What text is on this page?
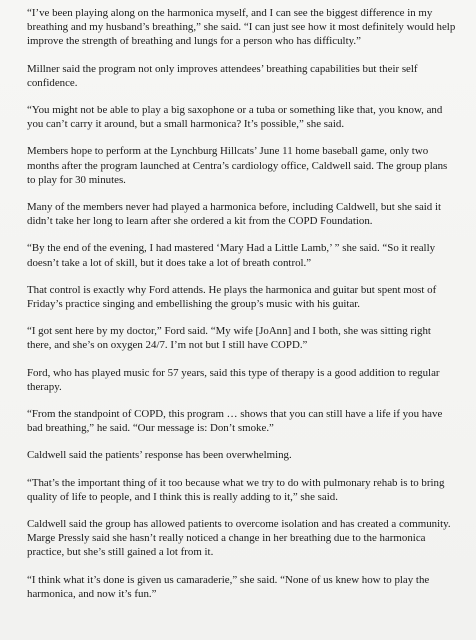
“I’ve been playing along on the harmonica myself, and I can see the biggest difference in my breathing and my husband’s breathing,” she said. “I can just see how it most definitely would help improve the strength of breathing and lungs for a person who has difficulty.”

Millner said the program not only improves attendees’ breathing capabilities but their self confidence.

“You might not be able to play a big saxophone or a tuba or something like that, you know, and you can’t carry it around, but a small harmonica? It’s possible,” she said.

Members hope to perform at the Lynchburg Hillcats’ June 11 home baseball game, only two months after the program launched at Centra’s cardiology office, Caldwell said. The group plans to play for 30 minutes.

Many of the members never had played a harmonica before, including Caldwell, but she said it didn’t take her long to learn after she ordered a kit from the COPD Foundation.

“By the end of the evening, I had mastered ‘Mary Had a Little Lamb,’ ” she said. “So it really doesn’t take a lot of skill, but it does take a lot of breath control.”

That control is exactly why Ford attends. He plays the harmonica and guitar but spent most of Friday’s practice singing and embellishing the group’s music with his guitar.

“I got sent here by my doctor,” Ford said. “My wife [JoAnn] and I both, she was sitting right there, and she’s on oxygen 24/7. I’m not but I still have COPD.”

Ford, who has played music for 57 years, said this type of therapy is a good addition to regular therapy.

“From the standpoint of COPD, this program … shows that you can still have a life if you have bad breathing,” he said. “Our message is: Don’t smoke.”

Caldwell said the patients’ response has been overwhelming.

“That’s the important thing of it too because what we try to do with pulmonary rehab is to bring quality of life to people, and I think this is really adding to it,” she said.

Caldwell said the group has allowed patients to overcome isolation and has created a community. Marge Pressly said she hasn’t really noticed a change in her breathing due to the harmonica practice, but she’s still gained a lot from it.

“I think what it’s done is given us camaraderie,” she said. “None of us knew how to play the harmonica, and now it’s fun.”
